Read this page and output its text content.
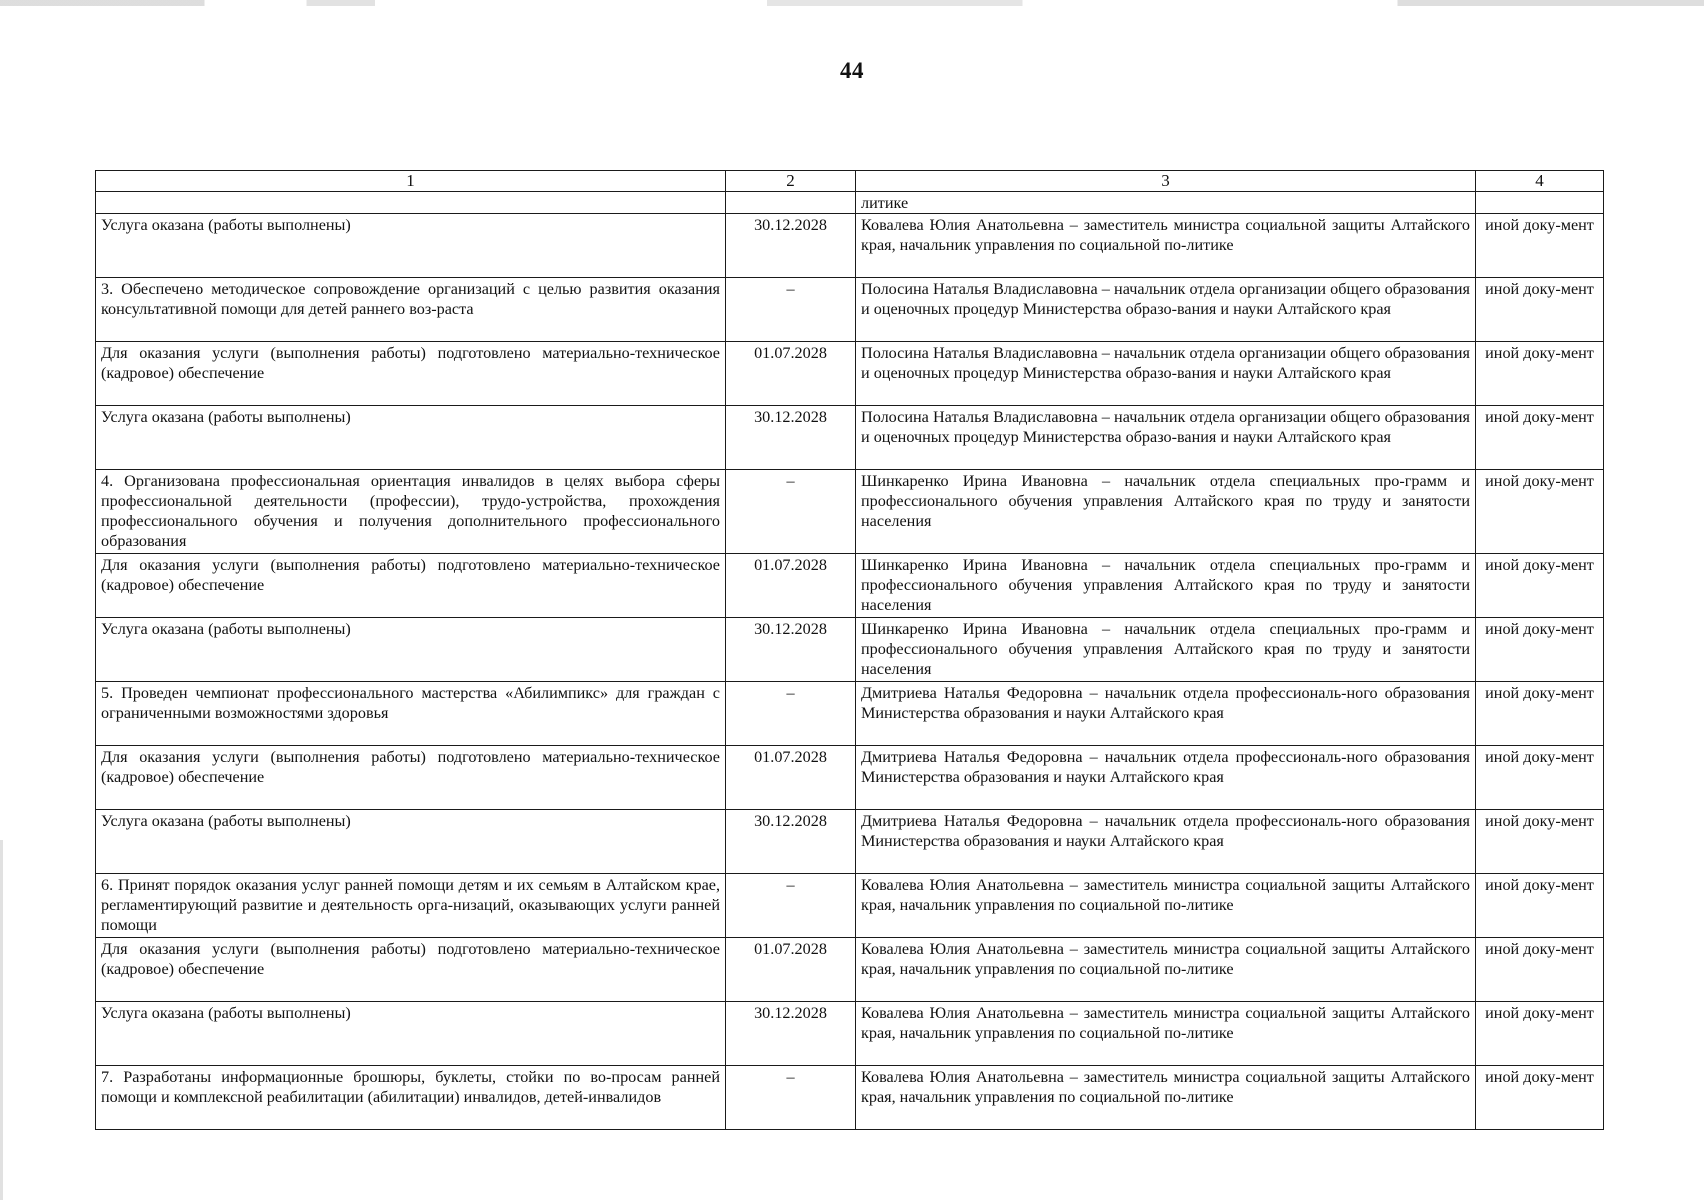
44
1	2	3	4
		литике	
Услуга оказана (работы выполнены)	30.12.2028	Ковалева Юлия Анатольевна – заместитель министра социальной защиты Алтайского края, начальник управления по социальной по-литике	иной доку-мент
3. Обеспечено методическое сопровождение организаций с целью развития оказания консультативной помощи для детей раннего воз-раста	–	Полосина Наталья Владиславовна – начальник отдела организации общего образования и оценочных процедур Министерства образо-вания и науки Алтайского края	иной доку-мент
Для оказания услуги (выполнения работы) подготовлено материально-техническое (кадровое) обеспечение	01.07.2028	Полосина Наталья Владиславовна – начальник отдела организации общего образования и оценочных процедур Министерства образо-вания и науки Алтайского края	иной доку-мент
Услуга оказана (работы выполнены)	30.12.2028	Полосина Наталья Владиславовна – начальник отдела организации общего образования и оценочных процедур Министерства образо-вания и науки Алтайского края	иной доку-мент
4. Организована профессиональная ориентация инвалидов в целях выбора сферы профессиональной деятельности (профессии), трудо-устройства, прохождения профессионального обучения и получения дополнительного профессионального образования	–	Шинкаренко Ирина Ивановна – начальник отдела специальных про-грамм и профессионального обучения управления Алтайского края по труду и занятости населения	иной доку-мент
Для оказания услуги (выполнения работы) подготовлено материально-техническое (кадровое) обеспечение	01.07.2028	Шинкаренко Ирина Ивановна – начальник отдела специальных про-грамм и профессионального обучения управления Алтайского края по труду и занятости населения	иной доку-мент
Услуга оказана (работы выполнены)	30.12.2028	Шинкаренко Ирина Ивановна – начальник отдела специальных про-грамм и профессионального обучения управления Алтайского края по труду и занятости населения	иной доку-мент
5. Проведен чемпионат профессионального мастерства «Абилимпикс» для граждан с ограниченными возможностями здоровья	–	Дмитриева Наталья Федоровна – начальник отдела профессиональ-ного образования Министерства образования и науки Алтайского края	иной доку-мент
Для оказания услуги (выполнения работы) подготовлено материально-техническое (кадровое) обеспечение	01.07.2028	Дмитриева Наталья Федоровна – начальник отдела профессиональ-ного образования Министерства образования и науки Алтайского края	иной доку-мент
Услуга оказана (работы выполнены)	30.12.2028	Дмитриева Наталья Федоровна – начальник отдела профессиональ-ного образования Министерства образования и науки Алтайского края	иной доку-мент
6. Принят порядок оказания услуг ранней помощи детям и их семьям в Алтайском крае, регламентирующий развитие и деятельность орга-низаций, оказывающих услуги ранней помощи	–	Ковалева Юлия Анатольевна – заместитель министра социальной защиты Алтайского края, начальник управления по социальной по-литике	иной доку-мент
Для оказания услуги (выполнения работы) подготовлено материально-техническое (кадровое) обеспечение	01.07.2028	Ковалева Юлия Анатольевна – заместитель министра социальной защиты Алтайского края, начальник управления по социальной по-литике	иной доку-мент
Услуга оказана (работы выполнены)	30.12.2028	Ковалева Юлия Анатольевна – заместитель министра социальной защиты Алтайского края, начальник управления по социальной по-литике	иной доку-мент
7. Разработаны информационные брошюры, буклеты, стойки по во-просам ранней помощи и комплексной реабилитации (абилитации) инвалидов, детей-инвалидов	–	Ковалева Юлия Анатольевна – заместитель министра социальной защиты Алтайского края, начальник управления по социальной по-литике	иной доку-мент
